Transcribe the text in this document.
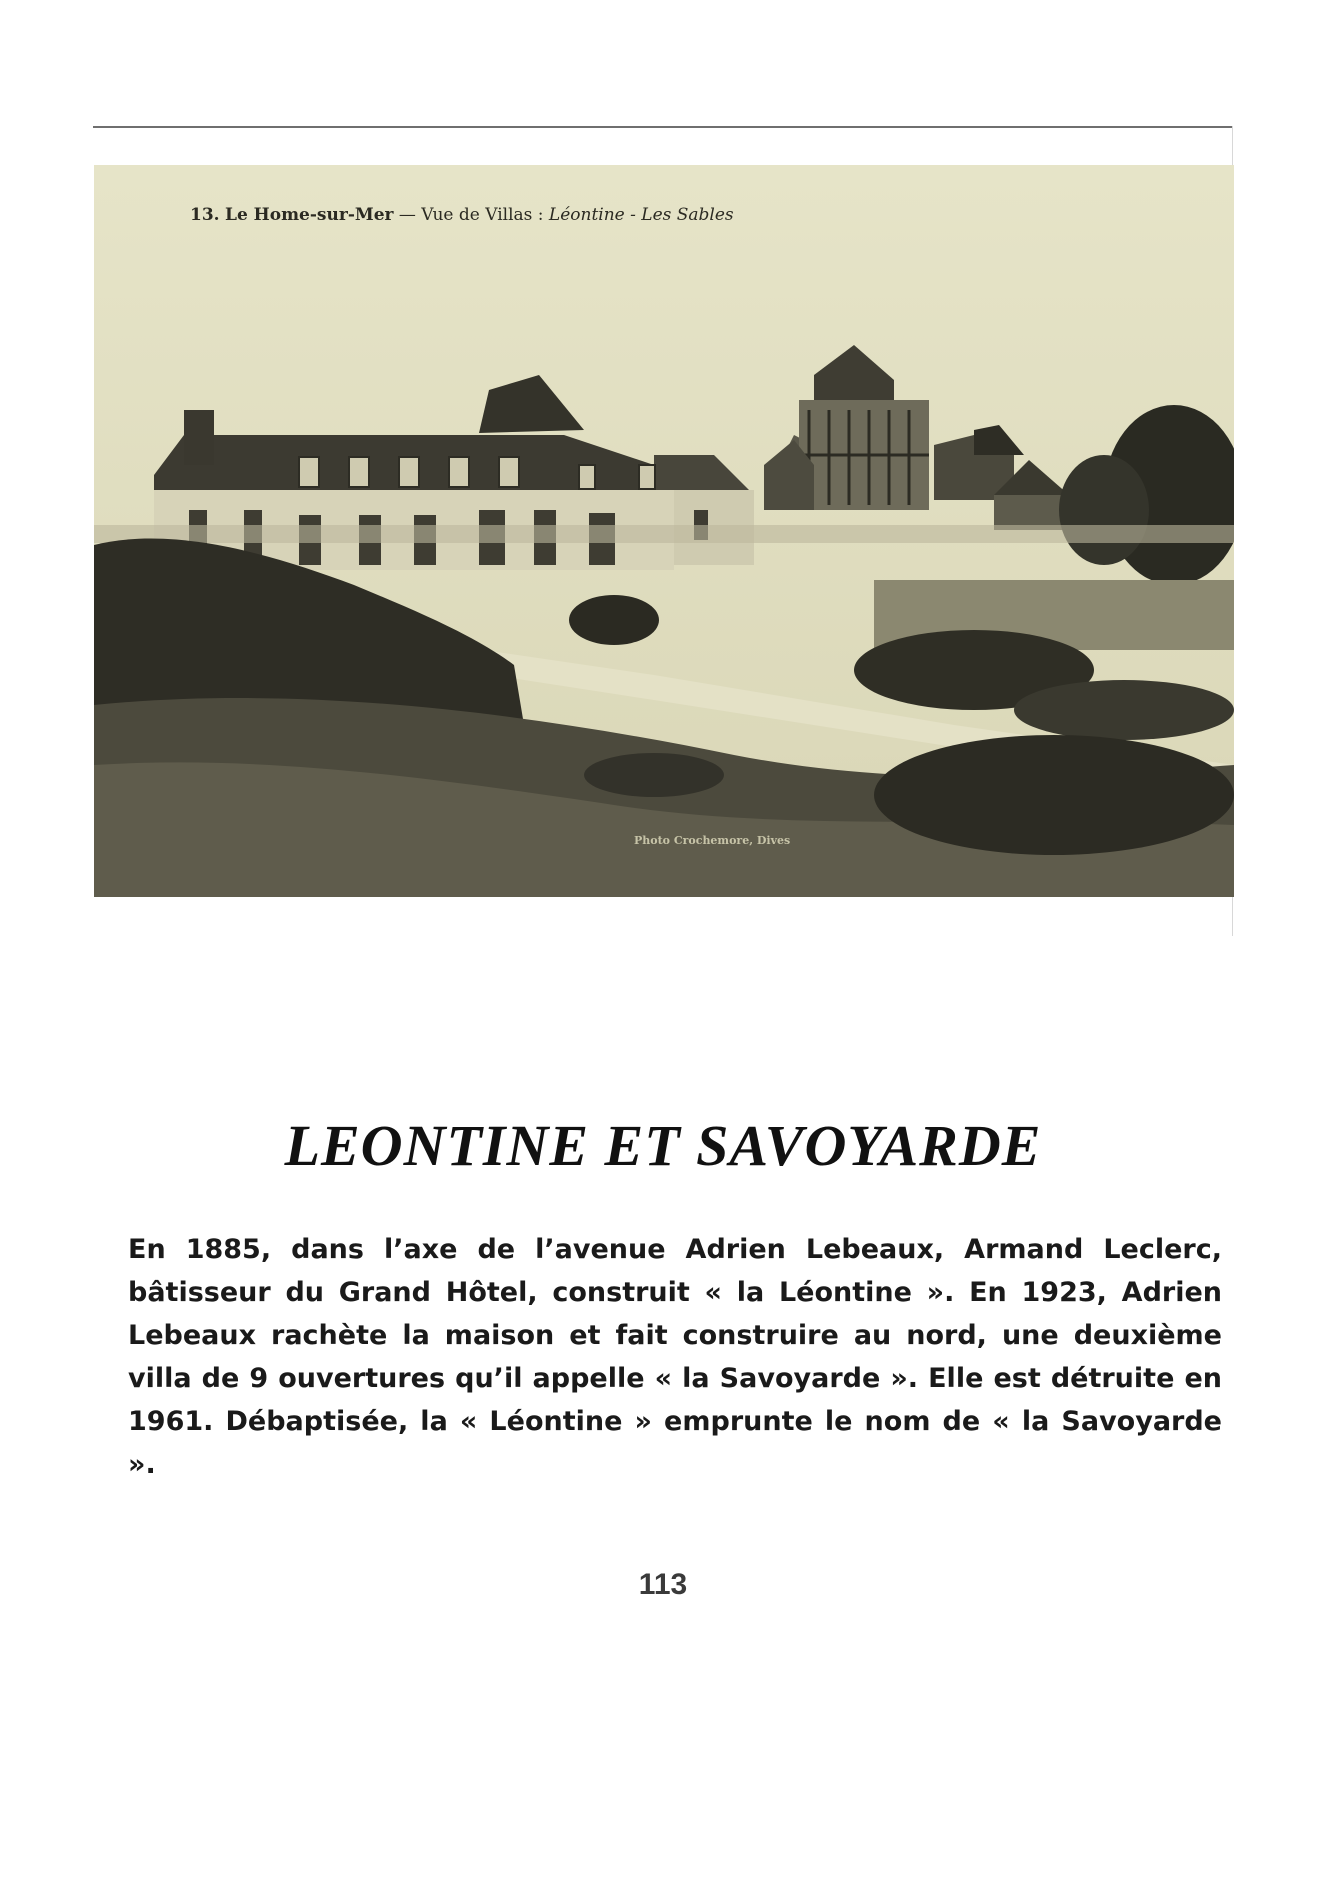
13. Le Home-sur-Mer — Vue de Villas : Léontine - Les Sables

Photo Crochemore, Dives

LEONTINE ET SAVOYARDE

En 1885, dans l’axe de l’avenue Adrien Lebeaux, Armand Leclerc, bâtisseur du Grand Hôtel, construit « la Léontine ». En 1923, Adrien Lebeaux rachète la maison et fait construire au nord, une deuxième villa de 9 ouvertures qu’il appelle « la Savoyarde ». Elle est détruite en 1961. Débaptisée, la « Léontine » emprunte le nom de « la Savoyarde ».

113
